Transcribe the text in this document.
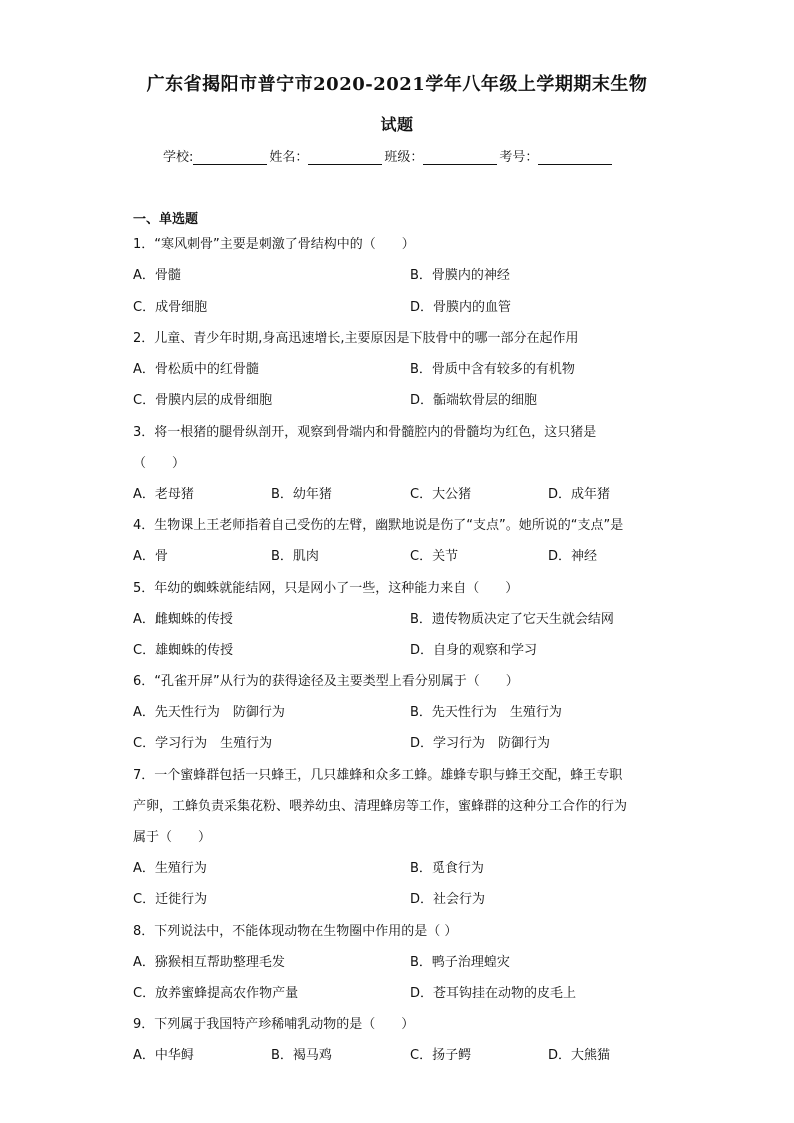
广东省揭阳市普宁市2020-2021学年八年级上学期期末生物
试题
学校:	姓名：	班级：	考号：
一、单选题
1．“寒风刺骨”主要是刺激了骨结构中的（　　）
A．骨髓	B．骨膜内的神经
C．成骨细胞	D．骨膜内的血管
2．儿童、青少年时期,身高迅速增长,主要原因是下肢骨中的哪一部分在起作用
A．骨松质中的红骨髓	B．骨质中含有较多的有机物
C．骨膜内层的成骨细胞	D．骺端软骨层的细胞
3．将一根猪的腿骨纵剖开，观察到骨端内和骨髓腔内的骨髓均为红色，这只猪是
（　　）
A．老母猪	B．幼年猪	C．大公猪	D．成年猪
4．生物课上王老师指着自己受伤的左臂，幽默地说是伤了“支点”。她所说的“支点”是
A．骨	B．肌肉	C．关节	D．神经
5．年幼的蜘蛛就能结网，只是网小了一些，这种能力来自（　　）
A．雌蜘蛛的传授	B．遗传物质决定了它天生就会结网
C．雄蜘蛛的传授	D．自身的观察和学习
6．“孔雀开屏”从行为的获得途径及主要类型上看分别属于（　　）
A．先天性行为　防御行为	B．先天性行为　生殖行为
C．学习行为　生殖行为	D．学习行为　防御行为
7．一个蜜蜂群包括一只蜂王，几只雄蜂和众多工蜂。雄蜂专职与蜂王交配，蜂王专职
产卵，工蜂负责采集花粉、喂养幼虫、清理蜂房等工作，蜜蜂群的这种分工合作的行为
属于（　　）
A．生殖行为	B．觅食行为
C．迁徙行为	D．社会行为
8．下列说法中，不能体现动物在生物圈中作用的是（ ）
A．猕猴相互帮助整理毛发	B．鸭子治理蝗灾
C．放养蜜蜂提高农作物产量	D．苍耳钩挂在动物的皮毛上
9．下列属于我国特产珍稀哺乳动物的是（　　）
A．中华鲟	B．褐马鸡	C．扬子鳄	D．大熊猫
